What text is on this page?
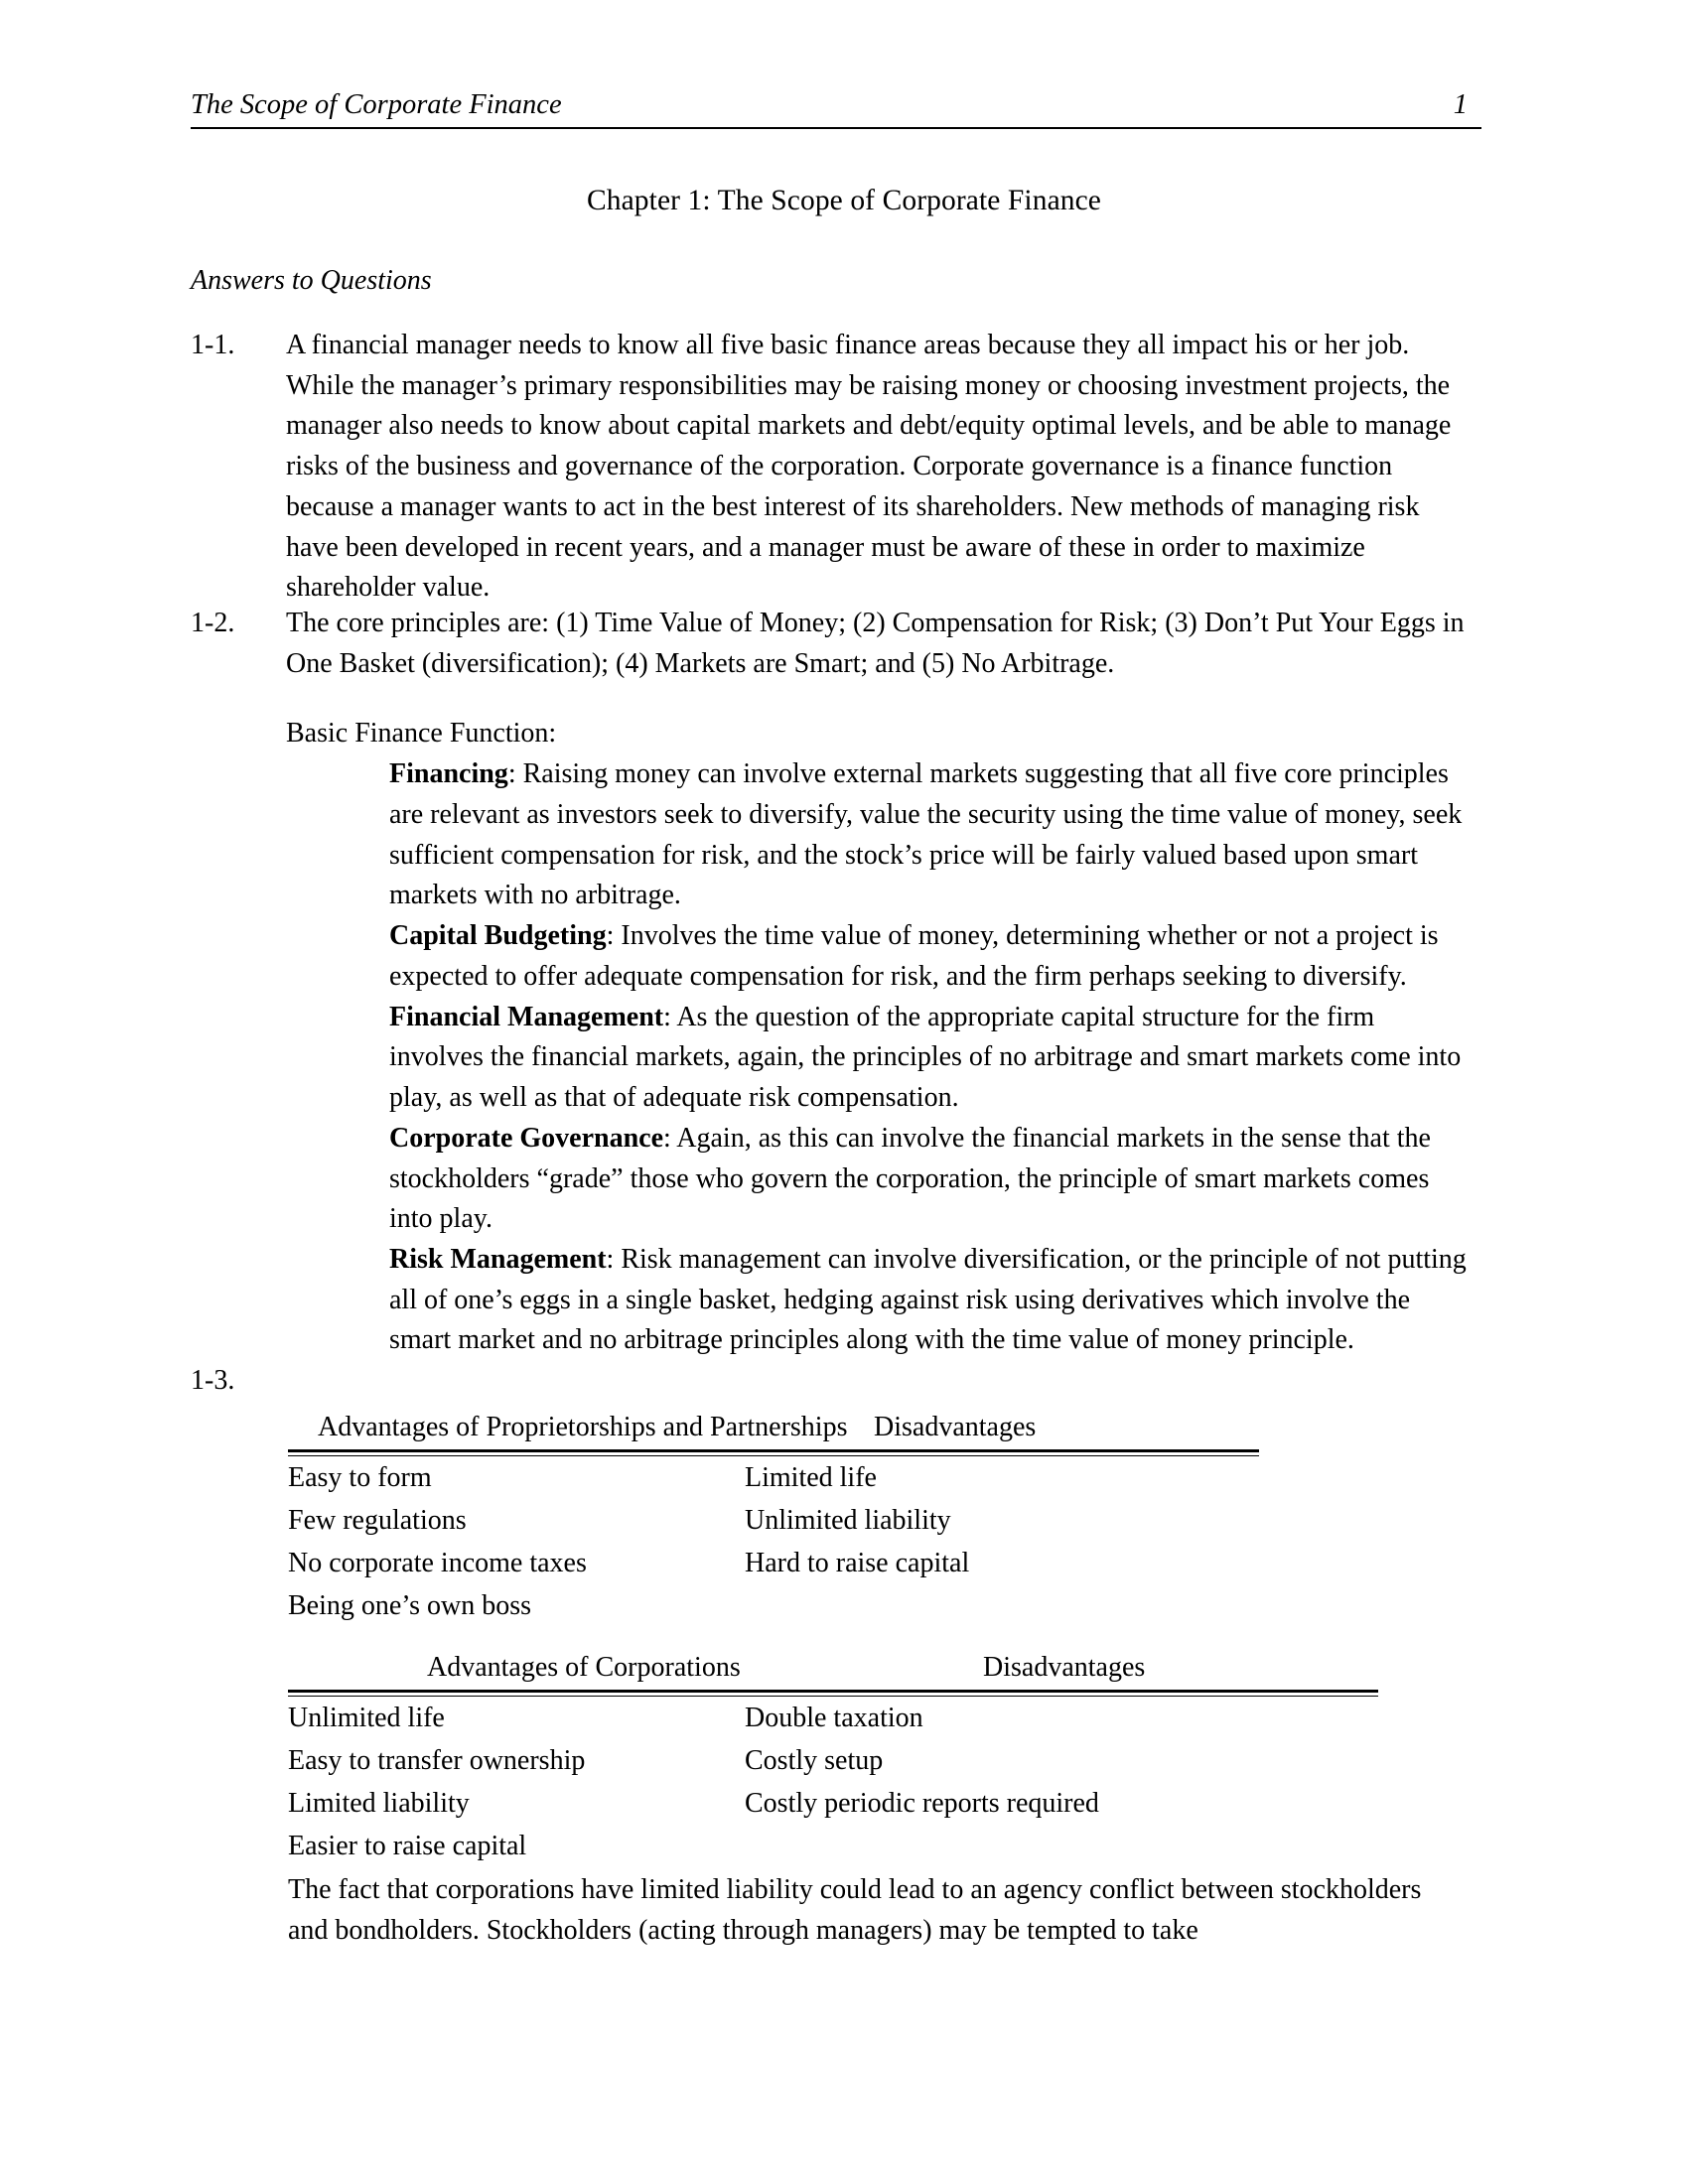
The Scope of Corporate Finance	1
Chapter 1: The Scope of Corporate Finance
Answers to Questions
1-1.	A financial manager needs to know all five basic finance areas because they all impact his or her job. While the manager’s primary responsibilities may be raising money or choosing investment projects, the manager also needs to know about capital markets and debt/equity optimal levels, and be able to manage risks of the business and governance of the corporation. Corporate governance is a finance function because a manager wants to act in the best interest of its shareholders. New methods of managing risk have been developed in recent years, and a manager must be aware of these in order to maximize shareholder value.

1-2.	The core principles are: (1) Time Value of Money; (2) Compensation for Risk; (3) Don’t Put Your Eggs in One Basket (diversification); (4) Markets are Smart; and (5) No Arbitrage.

Basic Finance Function:

Financing: Raising money can involve external markets suggesting that all five core principles are relevant as investors seek to diversify, value the security using the time value of money, seek sufficient compensation for risk, and the stock’s price will be fairly valued based upon smart markets with no arbitrage.

Capital Budgeting: Involves the time value of money, determining whether or not a project is expected to offer adequate compensation for risk, and the firm perhaps seeking to diversify.

Financial Management: As the question of the appropriate capital structure for the firm involves the financial markets, again, the principles of no arbitrage and smart markets come into play, as well as that of adequate risk compensation.

Corporate Governance: Again, as this can involve the financial markets in the sense that the stockholders “grade” those who govern the corporation, the principle of smart markets comes into play.

Risk Management: Risk management can involve diversification, or the principle of not putting all of one’s eggs in a single basket, hedging against risk using derivatives which involve the smart market and no arbitrage principles along with the time value of money principle.

1-3.
Advantages of Proprietorships and Partnerships Disadvantages
Easy to form	Limited life
Few regulations	Unlimited liability
No corporate income taxes	Hard to raise capital
Being one’s own boss
Advantages of Corporations	Disadvantages
Unlimited life	Double taxation
Easy to transfer ownership	Costly setup
Limited liability	Costly periodic reports required
Easier to raise capital

The fact that corporations have limited liability could lead to an agency conflict between stockholders and bondholders. Stockholders (acting through managers) may be tempted to take
